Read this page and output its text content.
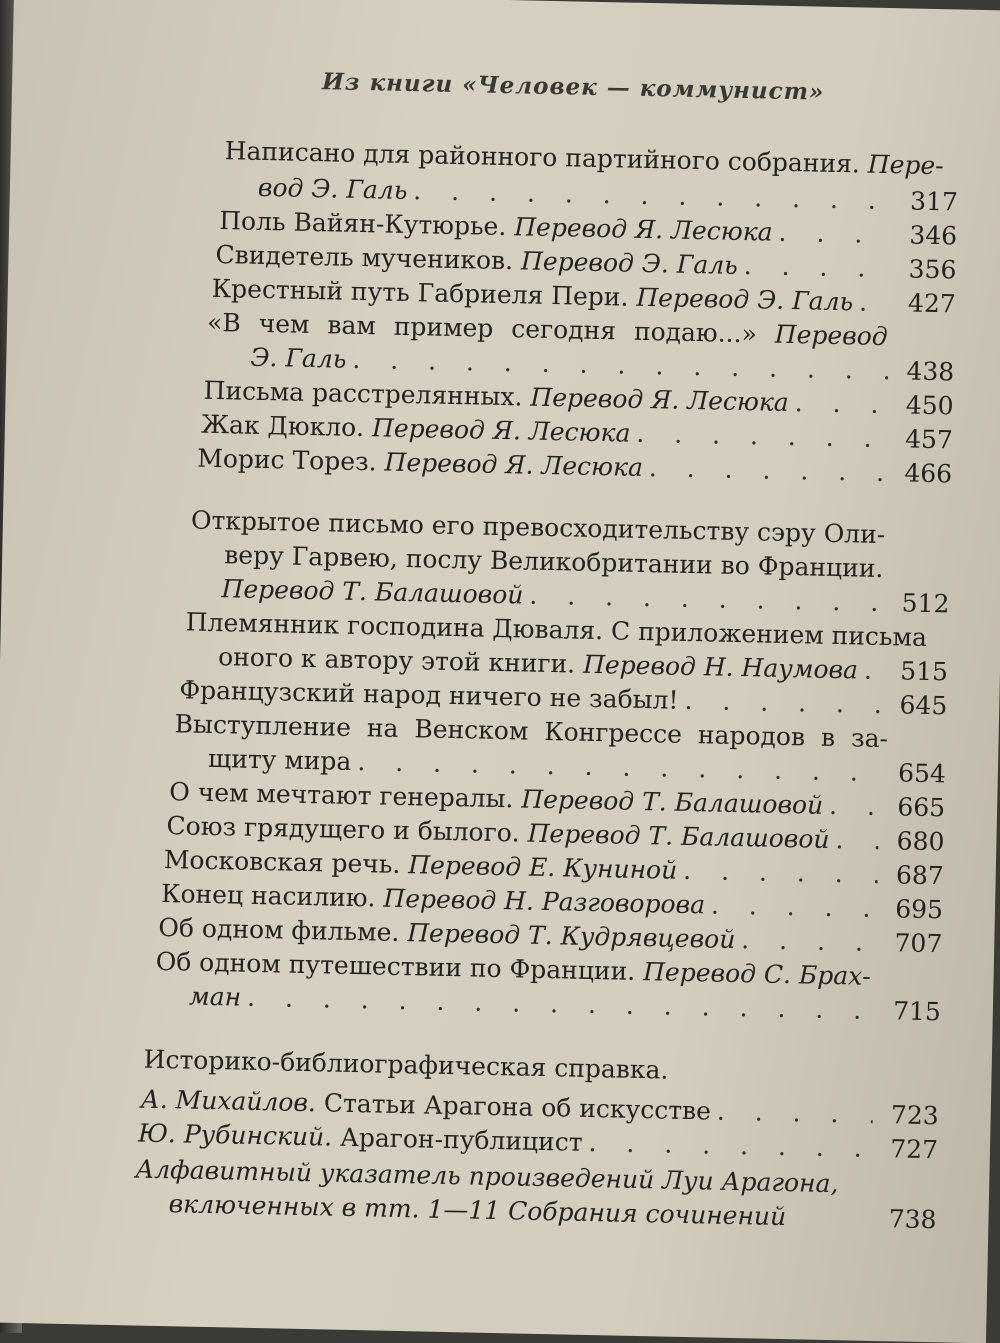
Из книги «Человек — коммунист»
Написано для районного партийного собрания. Пере-
вод Э. Галь . . .	317
Поль Вайян-Кутюрье. Перевод Я. Лесюка . . .	346
Свидетель мучеников. Перевод Э. Галь . . .	356
Крестный путь Габриеля Пери. Перевод Э. Галь . . .	427
«В чем вам пример сегодня подаю...» Перевод
Э. Галь . . .	438
Письма расстрелянных. Перевод Я. Лесюка . . .	450
Жак Дюкло. Перевод Я. Лесюка . . .	457
Морис Торез. Перевод Я. Лесюка . . .	466
Открытое письмо его превосходительству сэру Оли-
веру Гарвею, послу Великобритании во Франции.
Перевод Т. Балашовой . . .	512
Племянник господина Дюваля. С приложением письма
оного к автору этой книги. Перевод Н. Наумова . . .	515
Французский народ ничего не забыл! . . .	645
Выступление на Венском Конгрессе народов в за-
щиту мира . . .	654
О чем мечтают генералы. Перевод Т. Балашовой . . .	665
Союз грядущего и былого. Перевод Т. Балашовой . . .	680
Московская речь. Перевод Е. Куниной . . .	687
Конец насилию. Перевод Н. Разговорова . . .	695
Об одном фильме. Перевод Т. Кудрявцевой . . .	707
Об одном путешествии по Франции. Перевод С. Брах-
ман . . .	715
Историко-библиографическая справка.
А. Михайлов. Статьи Арагона об искусстве . . .	723
Ю. Рубинский. Арагон-публицист . . .	727
Алфавитный указатель произведений Луи Арагона,
включенных в тт. 1—11 Собрания сочинений	738
